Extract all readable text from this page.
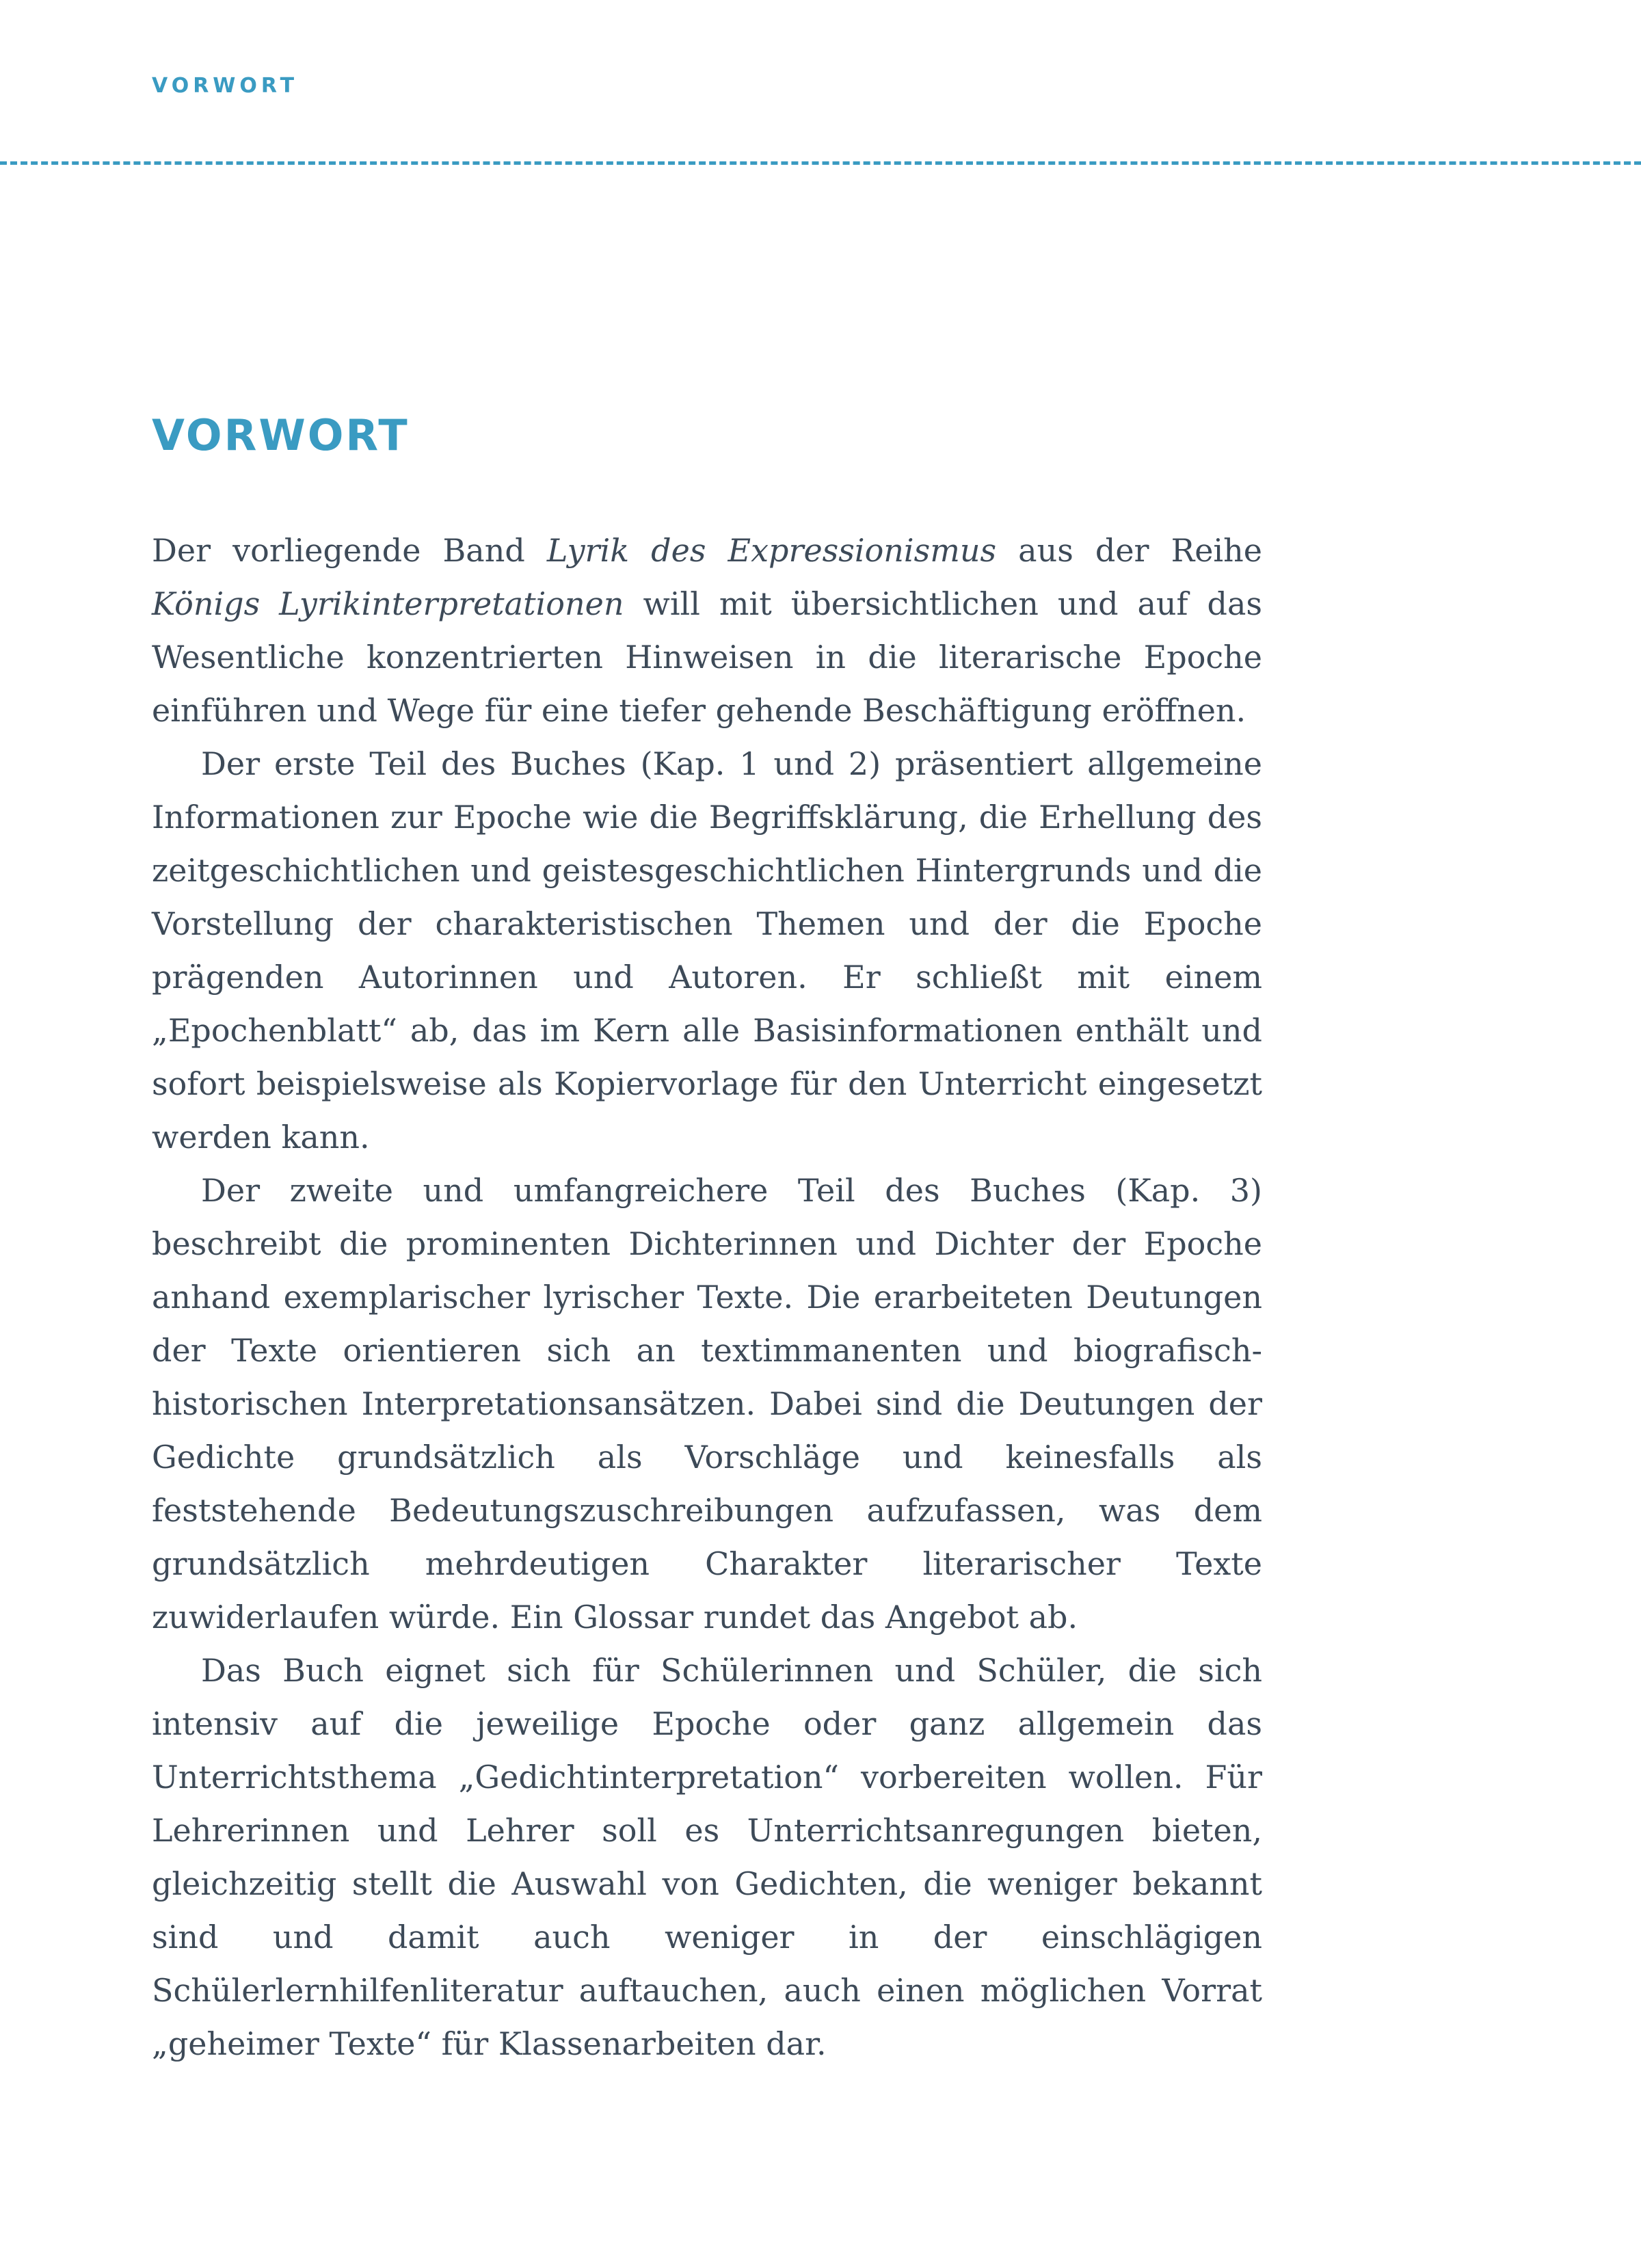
VORWORT
VORWORT

Der vorliegende Band Lyrik des Expressionismus aus der Reihe Königs Lyrikinterpretationen will mit übersichtlichen und auf das Wesentliche konzentrierten Hinweisen in die literarische Epoche einführen und Wege für eine tiefer gehende Beschäftigung eröffnen.

Der erste Teil des Buches (Kap. 1 und 2) präsentiert allgemeine Informationen zur Epoche wie die Begriffsklärung, die Erhellung des zeitgeschichtlichen und geistesgeschichtlichen Hintergrunds und die Vorstellung der charakteristischen Themen und der die Epoche prägenden Autorinnen und Autoren. Er schließt mit einem „Epochenblatt“ ab, das im Kern alle Basisinformationen enthält und sofort beispielsweise als Kopiervorlage für den Unterricht eingesetzt werden kann.

Der zweite und umfangreichere Teil des Buches (Kap. 3) beschreibt die prominenten Dichterinnen und Dichter der Epoche anhand exemplarischer lyrischer Texte. Die erarbeiteten Deutungen der Texte orientieren sich an textimmanenten und biografisch-historischen Interpretationsansätzen. Dabei sind die Deutungen der Gedichte grundsätzlich als Vorschläge und keinesfalls als feststehende Bedeutungszuschreibungen aufzufassen, was dem grundsätzlich mehrdeutigen Charakter literarischer Texte zuwiderlaufen würde. Ein Glossar rundet das Angebot ab.

Das Buch eignet sich für Schülerinnen und Schüler, die sich intensiv auf die jeweilige Epoche oder ganz allgemein das Unterrichtsthema „Gedichtinterpretation“ vorbereiten wollen. Für Lehrerinnen und Lehrer soll es Unterrichtsanregungen bieten, gleichzeitig stellt die Auswahl von Gedichten, die weniger bekannt sind und damit auch weniger in der einschlägigen Schülerlernhilfenliteratur auftauchen, auch einen möglichen Vorrat „geheimer Texte“ für Klassenarbeiten dar.
